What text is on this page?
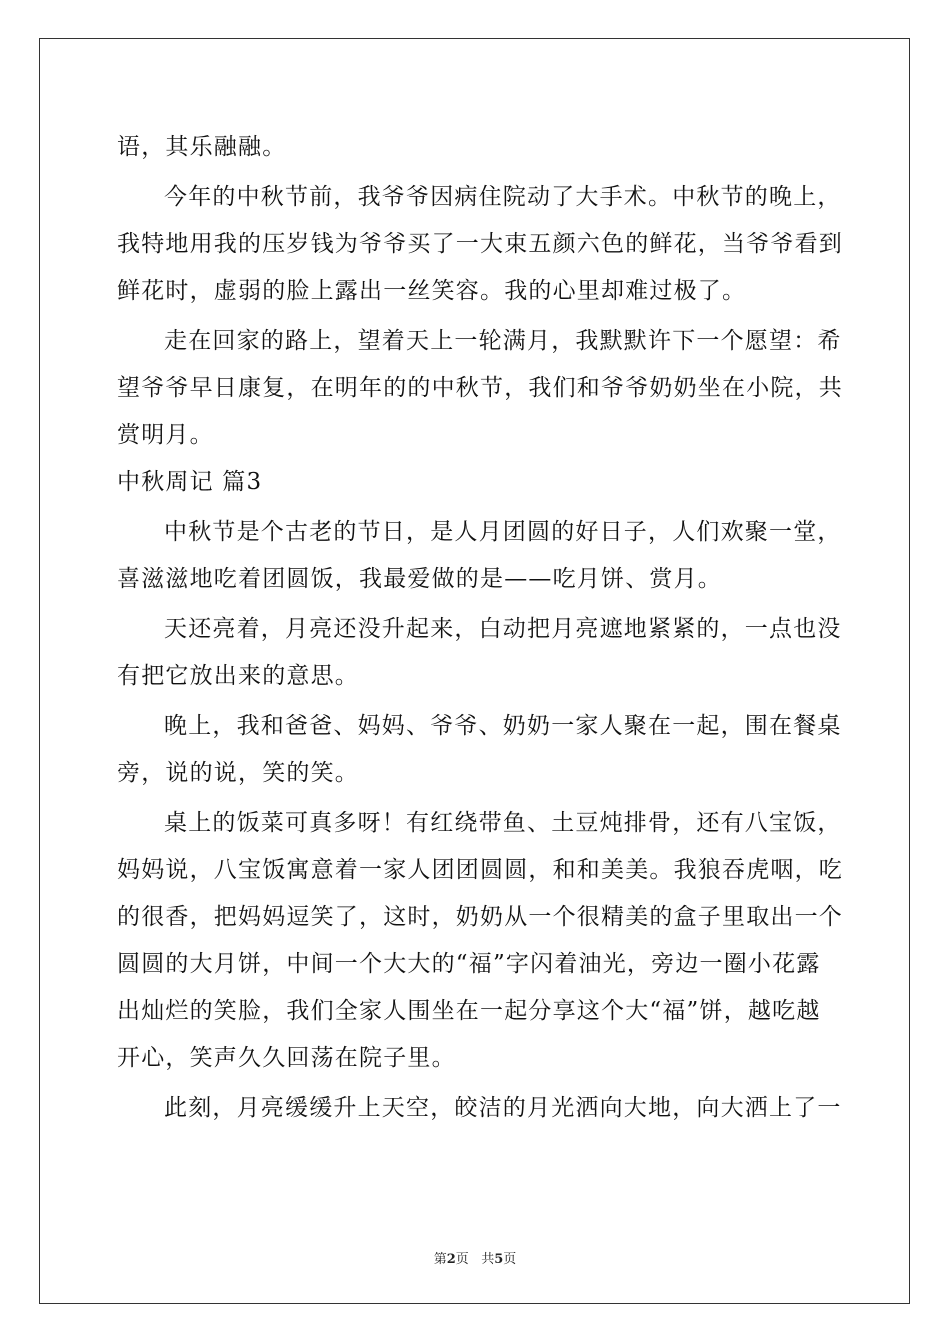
语，其乐融融。
今年的中秋节前，我爷爷因病住院动了大手术。中秋节的晚上，
我特地用我的压岁钱为爷爷买了一大束五颜六色的鲜花，当爷爷看到
鲜花时，虚弱的脸上露出一丝笑容。我的心里却难过极了。
走在回家的路上，望着天上一轮满月，我默默许下一个愿望：希
望爷爷早日康复，在明年的的中秋节，我们和爷爷奶奶坐在小院，共
赏明月。
中秋周记 篇3
中秋节是个古老的节日，是人月团圆的好日子，人们欢聚一堂，
喜滋滋地吃着团圆饭，我最爱做的是——吃月饼、赏月。
天还亮着，月亮还没升起来，白动把月亮遮地紧紧的，一点也没
有把它放出来的意思。
晚上，我和爸爸、妈妈、爷爷、奶奶一家人聚在一起，围在餐桌
旁，说的说，笑的笑。
桌上的饭菜可真多呀！有红绕带鱼、土豆炖排骨，还有八宝饭，
妈妈说，八宝饭寓意着一家人团团圆圆，和和美美。我狼吞虎咽，吃
的很香，把妈妈逗笑了，这时，奶奶从一个很精美的盒子里取出一个
圆圆的大月饼，中间一个大大的“福”字闪着油光，旁边一圈小花露
出灿烂的笑脸，我们全家人围坐在一起分享这个大“福”饼，越吃越
开心，笑声久久回荡在院子里。
此刻，月亮缓缓升上天空，皎洁的月光洒向大地，向大洒上了一
第2页   共5页
